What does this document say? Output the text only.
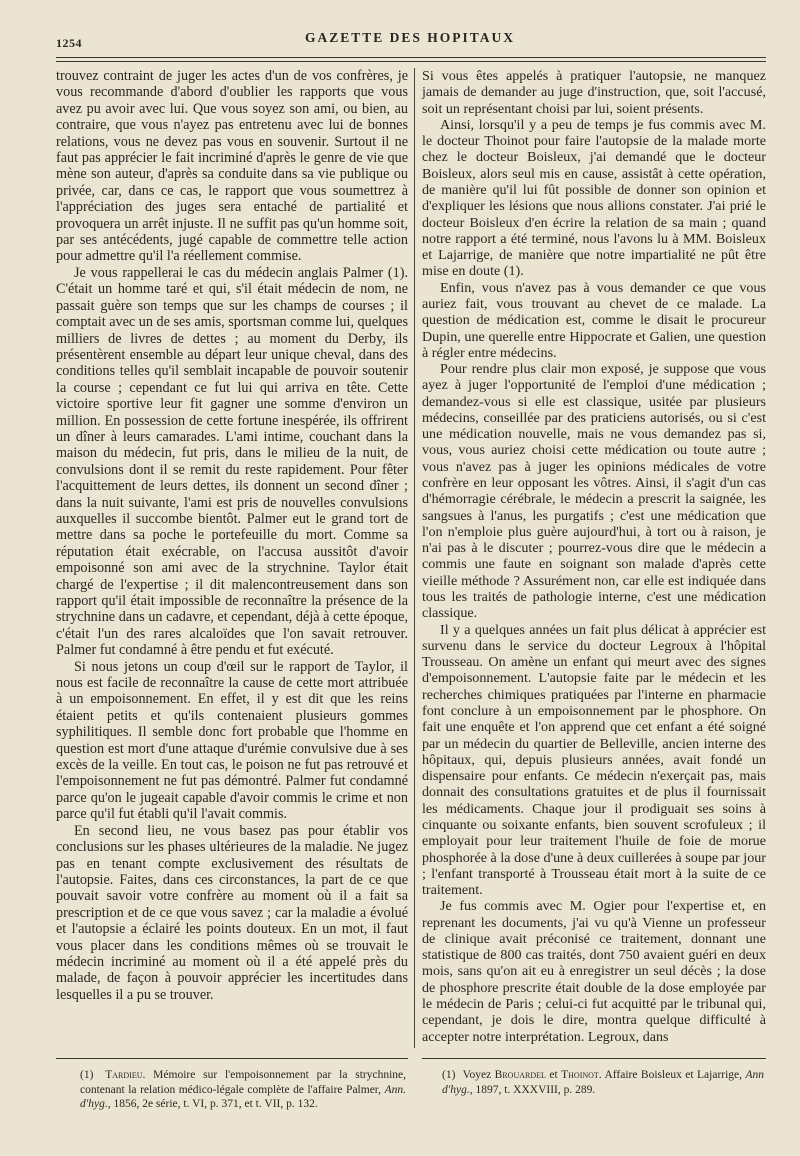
1254	GAZETTE DES HOPITAUX

trouvez contraint de juger les actes d'un de vos confrères, je vous recommande d'abord d'oublier les rapports que vous avez pu avoir avec lui. Que vous soyez son ami, ou bien, au contraire, que vous n'ayez pas entretenu avec lui de bonnes relations, vous ne devez pas vous en souvenir. Surtout il ne faut pas apprécier le fait incriminé d'après le genre de vie que mène son auteur, d'après sa conduite dans sa vie publique ou privée, car, dans ce cas, le rapport que vous soumettrez à l'appréciation des juges sera entaché de partialité et provoquera un arrêt injuste. Il ne suffit pas qu'un homme soit, par ses antécédents, jugé capable de commettre telle action pour admettre qu'il l'a réellement commise.

Je vous rappellerai le cas du médecin anglais Palmer (1). C'était un homme taré et qui, s'il était médecin de nom, ne passait guère son temps que sur les champs de courses ; il comptait avec un de ses amis, sportsman comme lui, quelques milliers de livres de dettes ; au moment du Derby, ils présentèrent ensemble au départ leur unique cheval, dans des conditions telles qu'il semblait incapable de pouvoir soutenir la course ; cependant ce fut lui qui arriva en tête. Cette victoire sportive leur fit gagner une somme d'environ un million. En possession de cette fortune inespérée, ils offrirent un dîner à leurs camarades. L'ami intime, couchant dans la maison du médecin, fut pris, dans le milieu de la nuit, de convulsions dont il se remit du reste rapidement. Pour fêter l'acquittement de leurs dettes, ils donnent un second dîner ; dans la nuit suivante, l'ami est pris de nouvelles convulsions auxquelles il succombe bientôt. Palmer eut le grand tort de mettre dans sa poche le portefeuille du mort. Comme sa réputation était exécrable, on l'accusa aussitôt d'avoir empoisonné son ami avec de la strychnine. Taylor était chargé de l'expertise ; il dit malencontreusement dans son rapport qu'il était impossible de reconnaître la présence de la strychnine dans un cadavre, et cependant, déjà à cette époque, c'était l'un des rares alcaloïdes que l'on savait retrouver. Palmer fut condamné à être pendu et fut exécuté.

Si nous jetons un coup d'œil sur le rapport de Taylor, il nous est facile de reconnaître la cause de cette mort attribuée à un empoisonnement. En effet, il y est dit que les reins étaient petits et qu'ils contenaient plusieurs gommes syphilitiques. Il semble donc fort probable que l'homme en question est mort d'une attaque d'urémie convulsive due à ses excès de la veille. En tout cas, le poison ne fut pas retrouvé et l'empoisonnement ne fut pas démontré. Palmer fut condamné parce qu'on le jugeait capable d'avoir commis le crime et non parce qu'il fut établi qu'il l'avait commis.

En second lieu, ne vous basez pas pour établir vos conclusions sur les phases ultérieures de la maladie. Ne jugez pas en tenant compte exclusivement des résultats de l'autopsie. Faites, dans ces circonstances, la part de ce que pouvait savoir votre confrère au moment où il a fait sa prescription et de ce que vous savez ; car la maladie a évolué et l'autopsie a éclairé les points douteux. En un mot, il faut vous placer dans les conditions mêmes où se trouvait le médecin incriminé au moment où il a été appelé près du malade, de façon à pouvoir apprécier les incertitudes dans lesquelles il a pu se trouver.

Si vous êtes appelés à pratiquer l'autopsie, ne manquez jamais de demander au juge d'instruction, que, soit l'accusé, soit un représentant choisi par lui, soient présents.

Ainsi, lorsqu'il y a peu de temps je fus commis avec M. le docteur Thoinot pour faire l'autopsie de la malade morte chez le docteur Boisleux, j'ai demandé que le docteur Boisleux, alors seul mis en cause, assistât à cette opération, de manière qu'il lui fût possible de donner son opinion et d'expliquer les lésions que nous allions constater. J'ai prié le docteur Boisleux d'en écrire la relation de sa main ; quand notre rapport a été terminé, nous l'avons lu à MM. Boisleux et Lajarrige, de manière que notre impartialité ne pût être mise en doute (1).

Enfin, vous n'avez pas à vous demander ce que vous auriez fait, vous trouvant au chevet de ce malade. La question de médication est, comme le disait le procureur Dupin, une querelle entre Hippocrate et Galien, une question à régler entre médecins.

Pour rendre plus clair mon exposé, je suppose que vous ayez à juger l'opportunité de l'emploi d'une médication ; demandez-vous si elle est classique, usitée par plusieurs médecins, conseillée par des praticiens autorisés, ou si c'est une médication nouvelle, mais ne vous demandez pas si, vous, vous auriez choisi cette médication ou toute autre ; vous n'avez pas à juger les opinions médicales de votre confrère en leur opposant les vôtres. Ainsi, il s'agit d'un cas d'hémorragie cérébrale, le médecin a prescrit la saignée, les sangsues à l'anus, les purgatifs ; c'est une médication que l'on n'emploie plus guère aujourd'hui, à tort ou à raison, je n'ai pas à le discuter ; pourrez-vous dire que le médecin a commis une faute en soignant son malade d'après cette vieille méthode ? Assurément non, car elle est indiquée dans tous les traités de pathologie interne, c'est une médication classique.

Il y a quelques années un fait plus délicat à apprécier est survenu dans le service du docteur Legroux à l'hôpital Trousseau. On amène un enfant qui meurt avec des signes d'empoisonnement. L'autopsie faite par le médecin et les recherches chimiques pratiquées par l'interne en pharmacie font conclure à un empoisonnement par le phosphore. On fait une enquête et l'on apprend que cet enfant a été soigné par un médecin du quartier de Belleville, ancien interne des hôpitaux, qui, depuis plusieurs années, avait fondé un dispensaire pour enfants. Ce médecin n'exerçait pas, mais donnait des consultations gratuites et de plus il fournissait les médicaments. Chaque jour il prodiguait ses soins à cinquante ou soixante enfants, bien souvent scrofuleux ; il employait pour leur traitement l'huile de foie de morue phosphorée à la dose d'une à deux cuillerées à soupe par jour ; l'enfant transporté à Trousseau était mort à la suite de ce traitement.

Je fus commis avec M. Ogier pour l'expertise et, en reprenant les documents, j'ai vu qu'à Vienne un professeur de clinique avait préconisé ce traitement, donnant une statistique de 800 cas traités, dont 750 avaient guéri en deux mois, sans qu'on ait eu à enregistrer un seul décès ; la dose de phosphore prescrite était double de la dose employée par le médecin de Paris ; celui-ci fut acquitté par le tribunal qui, cependant, je dois le dire, montra quelque difficulté à accepter notre interprétation. Legroux, dans

(1) Tardieu. Mémoire sur l'empoisonnement par la strychnine, contenant la relation médico-légale complète de l'affaire Palmer, Ann. d'hyg., 1856, 2e série, t. VI, p. 371, et t. VII, p. 132.
(1) Voyez Brouardel et Thoinot. Affaire Boisleux et Lajarrige, Ann d'hyg., 1897, t. XXXVIII, p. 289.
